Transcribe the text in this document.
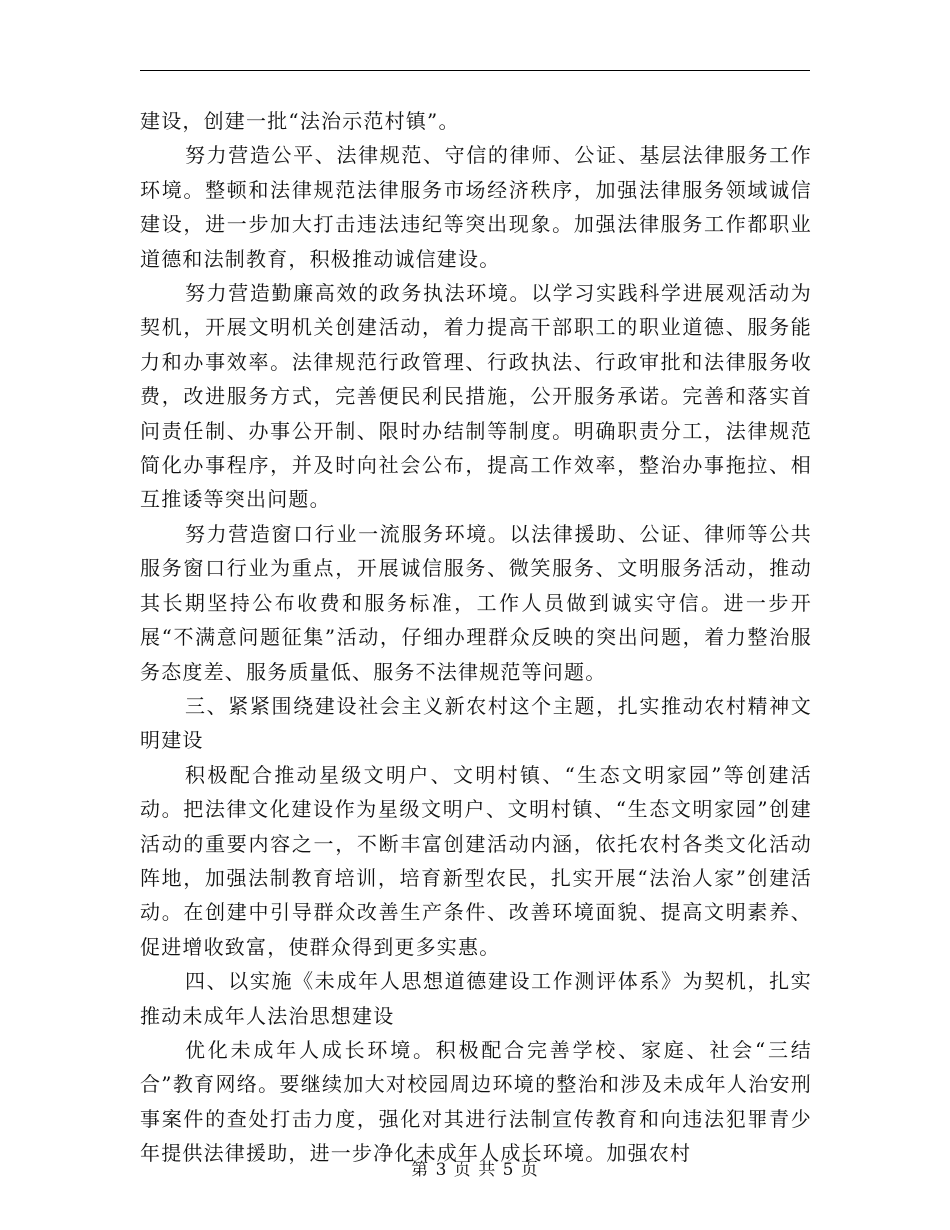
建设，创建一批“法治示范村镇”。

努力营造公平、法律规范、守信的律师、公证、基层法律服务工作环境。整顿和法律规范法律服务市场经济秩序，加强法律服务领域诚信建设，进一步加大打击违法违纪等突出现象。加强法律服务工作都职业道德和法制教育，积极推动诚信建设。

努力营造勤廉高效的政务执法环境。以学习实践科学进展观活动为契机，开展文明机关创建活动，着力提高干部职工的职业道德、服务能力和办事效率。法律规范行政管理、行政执法、行政审批和法律服务收费，改进服务方式，完善便民利民措施，公开服务承诺。完善和落实首问责任制、办事公开制、限时办结制等制度。明确职责分工，法律规范简化办事程序，并及时向社会公布，提高工作效率，整治办事拖拉、相互推诿等突出问题。

努力营造窗口行业一流服务环境。以法律援助、公证、律师等公共服务窗口行业为重点，开展诚信服务、微笑服务、文明服务活动，推动其长期坚持公布收费和服务标准，工作人员做到诚实守信。进一步开展“不满意问题征集”活动，仔细办理群众反映的突出问题，着力整治服务态度差、服务质量低、服务不法律规范等问题。

三、紧紧围绕建设社会主义新农村这个主题，扎实推动农村精神文明建设

积极配合推动星级文明户、文明村镇、“生态文明家园”等创建活动。把法律文化建设作为星级文明户、文明村镇、“生态文明家园”创建活动的重要内容之一，不断丰富创建活动内涵，依托农村各类文化活动阵地，加强法制教育培训，培育新型农民，扎实开展“法治人家”创建活动。在创建中引导群众改善生产条件、改善环境面貌、提高文明素养、促进增收致富，使群众得到更多实惠。

四、以实施《未成年人思想道德建设工作测评体系》为契机，扎实推动未成年人法治思想建设

优化未成年人成长环境。积极配合完善学校、家庭、社会“三结合”教育网络。要继续加大对校园周边环境的整治和涉及未成年人治安刑事案件的查处打击力度，强化对其进行法制宣传教育和向违法犯罪青少年提供法律援助，进一步净化未成年人成长环境。加强农村

第 3 页 共 5 页
